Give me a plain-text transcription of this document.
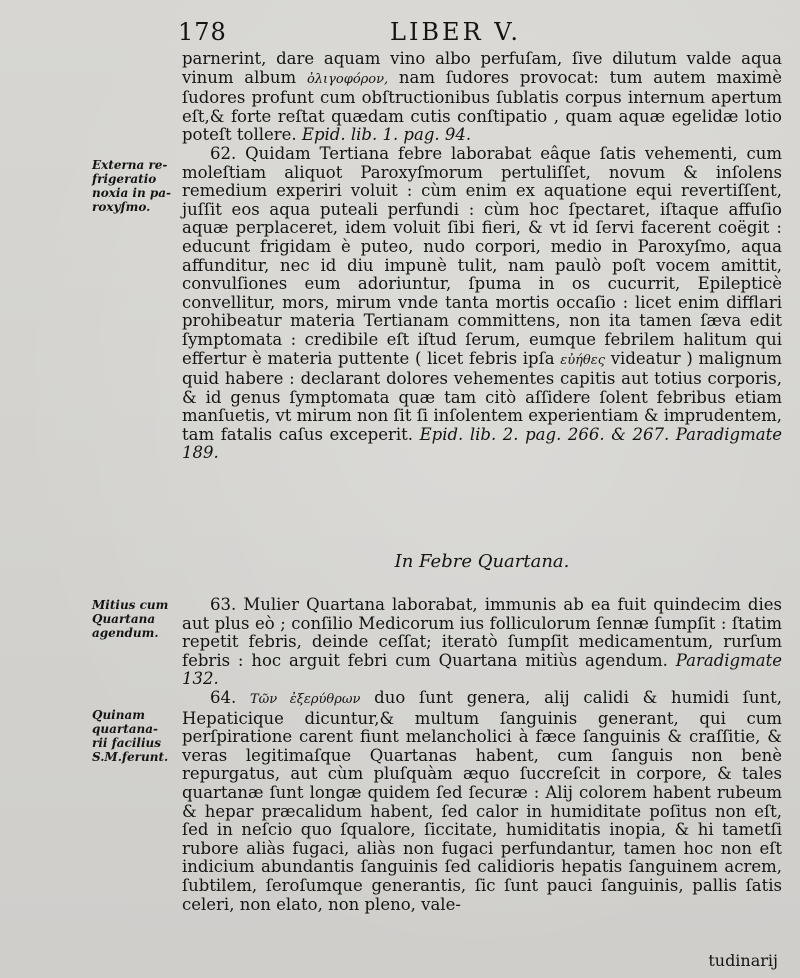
178	LIBER V.
Externa re-
frigeratio
noxia in pa-
roxyſmo.
Mitius cum
Quartana
agendum.
Quinam
quartana-
rii facilius
S.M.ferunt.

parnerint, dare aquam vino albo perfuſam, ſive dilutum valde aqua vinum album ὀλιγοφόρον, nam ſudores provocat: tum autem maximè ſudores profunt cum obſtructionibus ſublatis corpus internum apertum eſt,& forte reſtat quædam cutis conſtipatio , quam aquæ egelidæ lotio poteſt tollere. Epid. lib. 1. pag. 94.

62. Quidam Tertiana febre laborabat eâque ſatis vehementi, cum moleſtiam aliquot Paroxyſmorum pertuliſſet, novum & inſolens remedium experiri voluit : cùm enim ex aquatione equi revertiſſent, juſſit eos aqua puteali perfundi : cùm hoc ſpectaret, iſtaque affuſio aquæ perplaceret, idem voluit ſibi fieri, & vt id ſervi facerent coëgit : educunt frigidam è puteo, nudo corpori, medio in Paroxyſmo, aqua affunditur, nec id diu impunè tulit, nam paulò poſt vocem amittit, convulſiones eum adoriuntur, ſpuma in os cucurrit, Epilepticè convellitur, mors, mirum vnde tanta mortis occaſio : licet enim difflari prohibeatur materia Tertianam committens, non ita tamen ſæva edit ſymptomata : credibile eſt iſtud ſerum, eumque febrilem halitum qui effertur è materia puttente ( licet febris ipſa εὐήθες videatur ) malignum quid habere : declarant dolores vehementes capitis aut totius corporis, & id genus ſymptomata quæ tam citò aſſidere ſolent febribus etiam manſuetis, vt mirum non ſit ſi inſolentem experientiam & imprudentem, tam fatalis caſus exceperit. Epid. lib. 2. pag. 266. & 267. Paradigmate 189.

In Febre Quartana.

63. Mulier Quartana laborabat, immunis ab ea fuit quindecim dies aut plus eò ; conſilio Medicorum ius folliculorum ſennæ ſumpſit : ſtatim repetit febris, deinde ceſſat; iteratò ſumpſit medicamentum, rurſum febris : hoc arguit febri cum Quartana mitiùs agendum. Paradigmate 132.

64. Τῶν ἐξερύθρων duo ſunt genera, alij calidi & humidi ſunt, Hepaticique dicuntur,& multum ſanguinis generant, qui cum perſpiratione carent fiunt melancholici à fæce ſanguinis & craſſitie, & veras legitimaſque Quartanas habent, cum ſanguis non benè repurgatus, aut cùm pluſquàm æquo ſuccreſcit in corpore, & tales quartanæ ſunt longæ quidem ſed ſecuræ : Alij colorem habent rubeum & hepar præcalidum habent, ſed calor in humiditate poſitus non eſt, ſed in neſcio quo ſqualore, ſiccitate, humiditatis inopia, & hi tametſi rubore aliàs fugaci, aliàs non fugaci perfundantur, tamen hoc non eſt indicium abundantis ſanguinis ſed calidioris hepatis ſanguinem acrem, ſubtilem, ſeroſumque generantis, ſic ſunt pauci ſanguinis, pallis ſatis celeri, non elato, non pleno, vale-

tudinarij
